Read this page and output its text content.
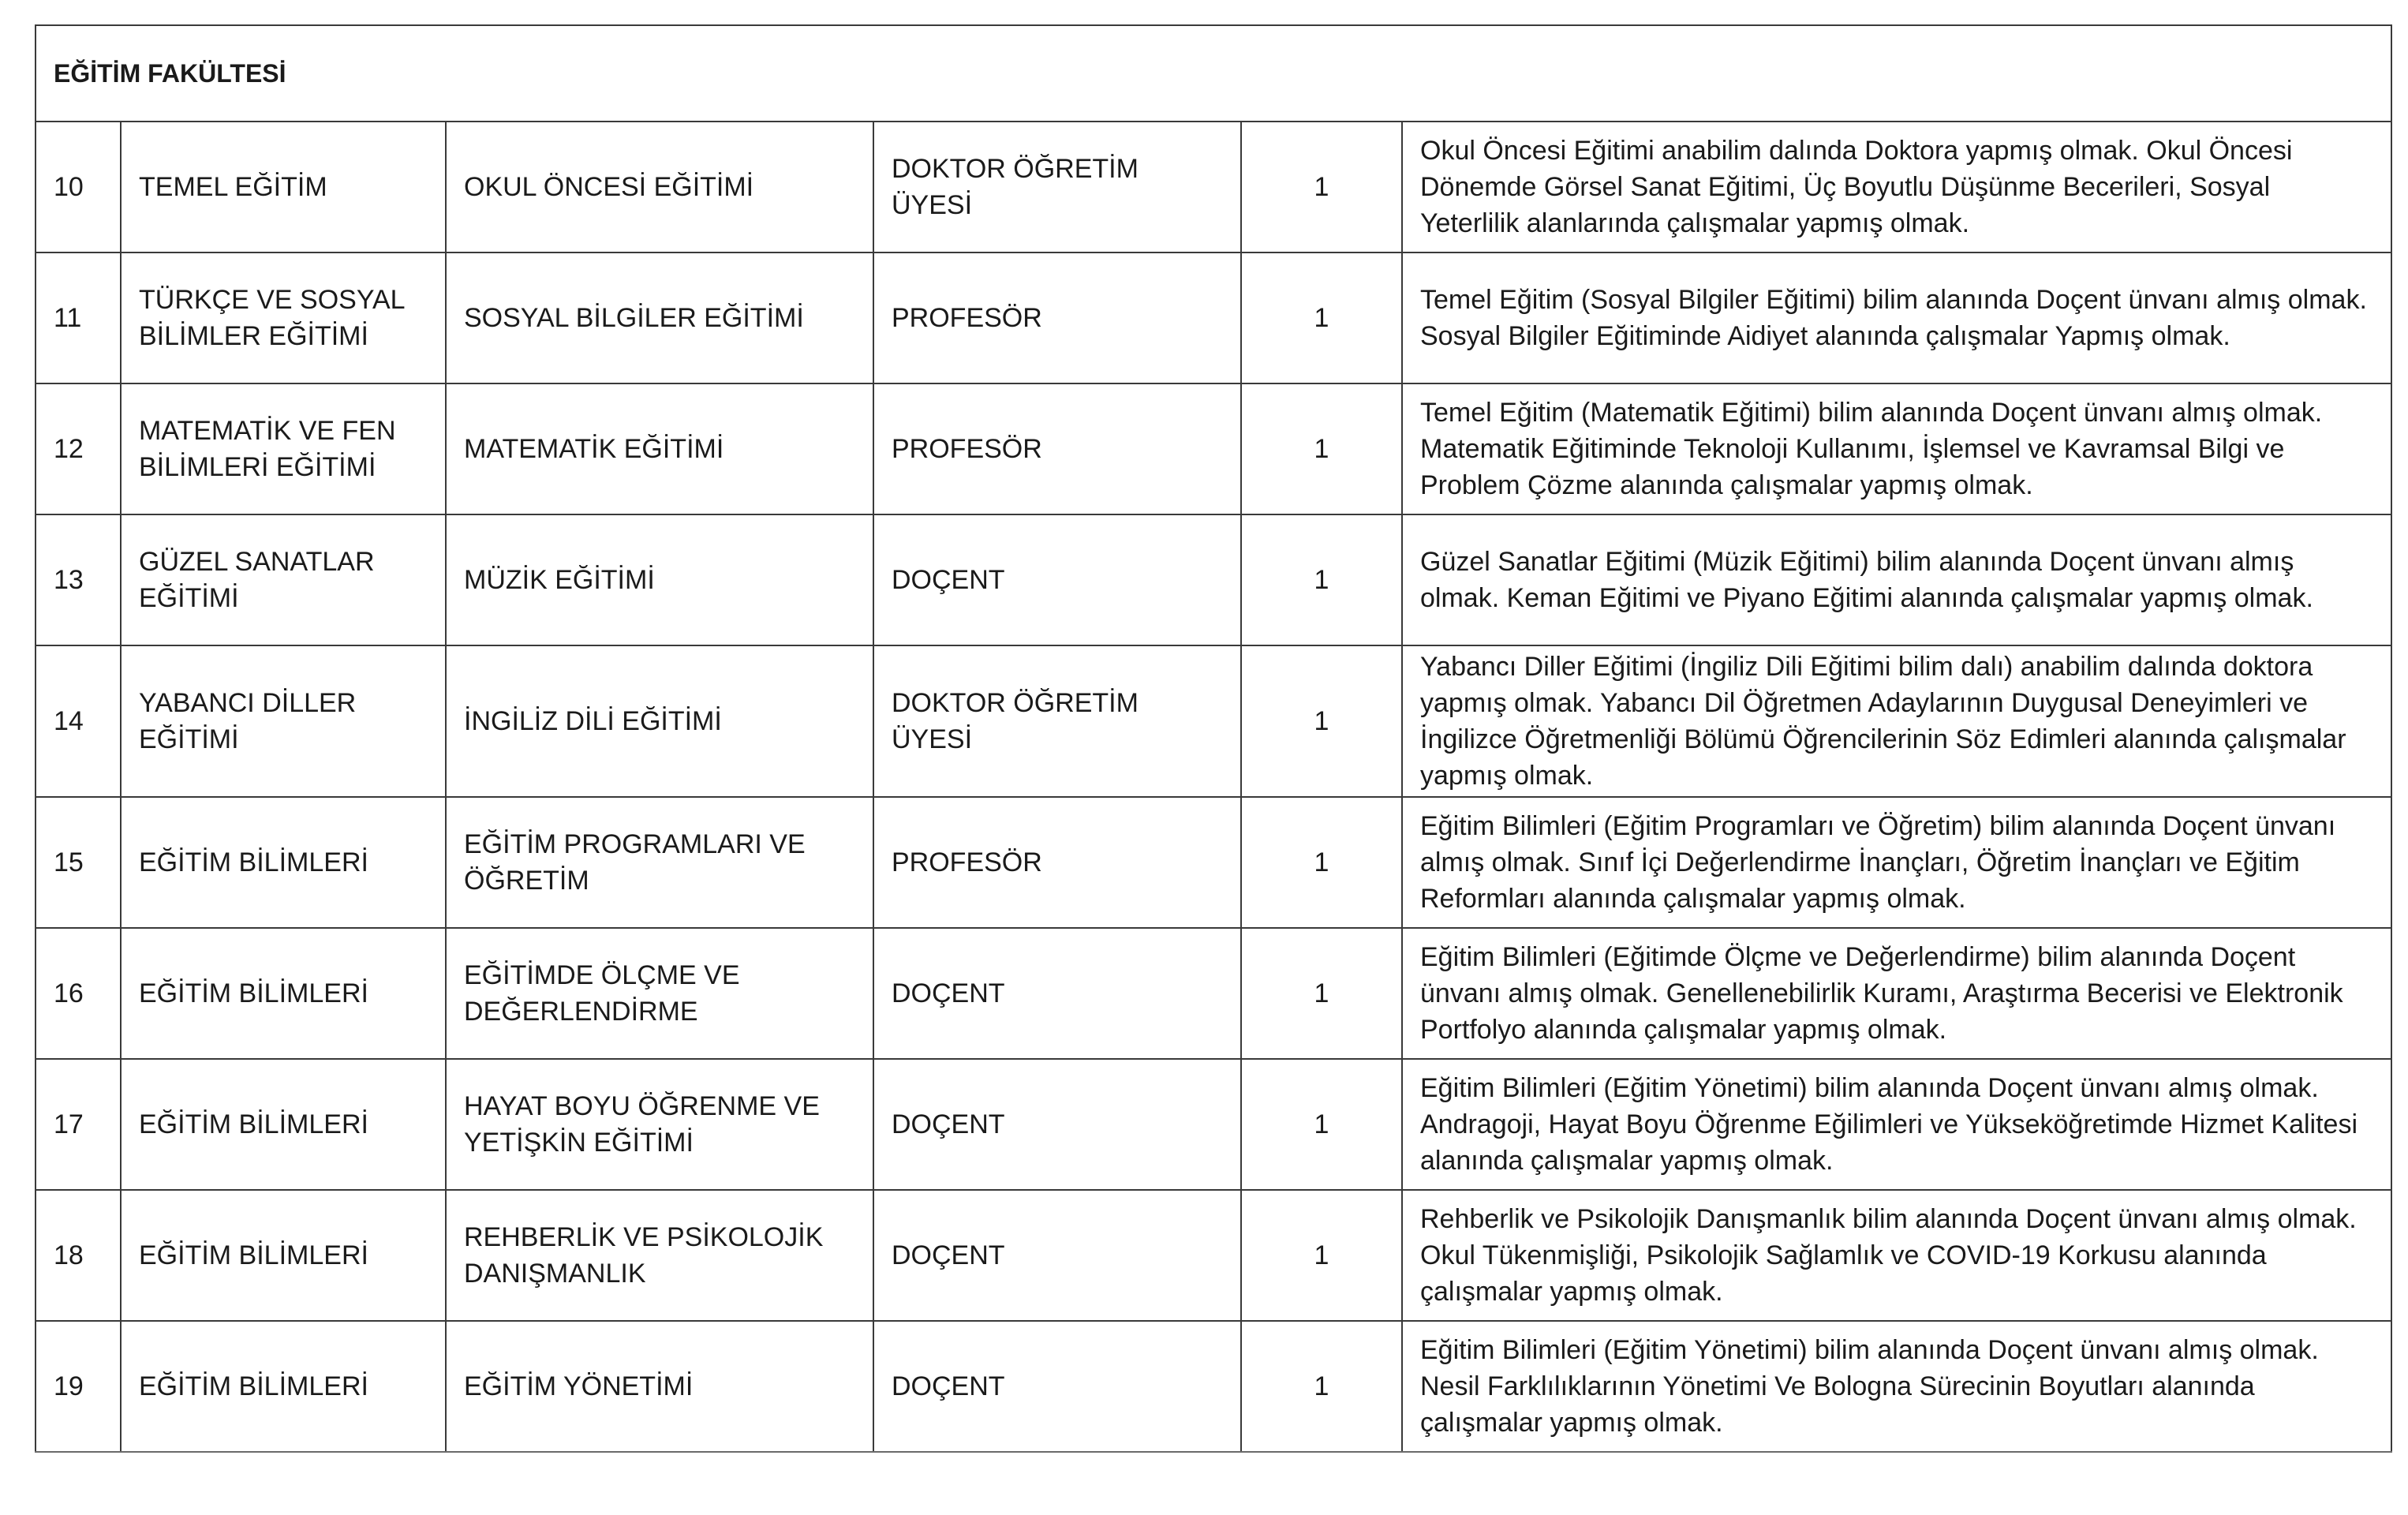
EĞİTİM FAKÜLTESİ					
10	TEMEL EĞİTİM	OKUL ÖNCESİ EĞİTİMİ	DOKTOR ÖĞRETİM ÜYESİ	1	Okul Öncesi Eğitimi anabilim dalında Doktora yapmış olmak. Okul Öncesi Dönemde Görsel Sanat Eğitimi, Üç Boyutlu Düşünme Becerileri, Sosyal Yeterlilik alanlarında çalışmalar yapmış olmak.
11	TÜRKÇE VE SOSYAL BİLİMLER EĞİTİMİ	SOSYAL BİLGİLER EĞİTİMİ	PROFESÖR	1	Temel Eğitim (Sosyal Bilgiler Eğitimi) bilim alanında Doçent ünvanı almış olmak. Sosyal Bilgiler Eğitiminde Aidiyet alanında çalışmalar Yapmış olmak.
12	MATEMATİK VE FEN BİLİMLERİ EĞİTİMİ	MATEMATİK EĞİTİMİ	PROFESÖR	1	Temel Eğitim (Matematik Eğitimi) bilim alanında Doçent ünvanı almış olmak. Matematik Eğitiminde Teknoloji Kullanımı, İşlemsel ve Kavramsal Bilgi ve Problem Çözme alanında çalışmalar yapmış olmak.
13	GÜZEL SANATLAR EĞİTİMİ	MÜZİK EĞİTİMİ	DOÇENT	1	Güzel Sanatlar Eğitimi (Müzik Eğitimi) bilim alanında Doçent ünvanı almış olmak. Keman Eğitimi ve Piyano Eğitimi alanında çalışmalar yapmış olmak.
14	YABANCI DİLLER EĞİTİMİ	İNGİLİZ DİLİ EĞİTİMİ	DOKTOR ÖĞRETİM ÜYESİ	1	Yabancı Diller Eğitimi (İngiliz Dili Eğitimi bilim dalı) anabilim dalında doktora yapmış olmak. Yabancı Dil Öğretmen Adaylarının Duygusal Deneyimleri ve İngilizce Öğretmenliği Bölümü Öğrencilerinin Söz Edimleri alanında çalışmalar yapmış olmak.
15	EĞİTİM BİLİMLERİ	EĞİTİM PROGRAMLARI VE ÖĞRETİM	PROFESÖR	1	Eğitim Bilimleri (Eğitim Programları ve Öğretim) bilim alanında Doçent ünvanı almış olmak. Sınıf İçi Değerlendirme İnançları, Öğretim İnançları ve Eğitim Reformları alanında çalışmalar yapmış olmak.
16	EĞİTİM BİLİMLERİ	EĞİTİMDE ÖLÇME VE DEĞERLENDİRME	DOÇENT	1	Eğitim Bilimleri (Eğitimde Ölçme ve Değerlendirme) bilim alanında Doçent ünvanı almış olmak. Genellenebilirlik Kuramı, Araştırma Becerisi ve Elektronik Portfolyo alanında çalışmalar yapmış olmak.
17	EĞİTİM BİLİMLERİ	HAYAT BOYU ÖĞRENME VE YETİŞKİN EĞİTİMİ	DOÇENT	1	Eğitim Bilimleri (Eğitim Yönetimi) bilim alanında Doçent ünvanı almış olmak. Andragoji, Hayat Boyu Öğrenme Eğilimleri ve Yükseköğretimde Hizmet Kalitesi alanında çalışmalar yapmış olmak.
18	EĞİTİM BİLİMLERİ	REHBERLİK VE PSİKOLOJİK DANIŞMANLIK	DOÇENT	1	Rehberlik ve Psikolojik Danışmanlık bilim alanında Doçent ünvanı almış olmak. Okul Tükenmişliği, Psikolojik Sağlamlık ve COVID-19 Korkusu alanında çalışmalar yapmış olmak.
19	EĞİTİM BİLİMLERİ	EĞİTİM YÖNETİMİ	DOÇENT	1	Eğitim Bilimleri (Eğitim Yönetimi) bilim alanında Doçent ünvanı almış olmak. Nesil Farklılıklarının Yönetimi Ve Bologna Sürecinin Boyutları alanında çalışmalar yapmış olmak.
